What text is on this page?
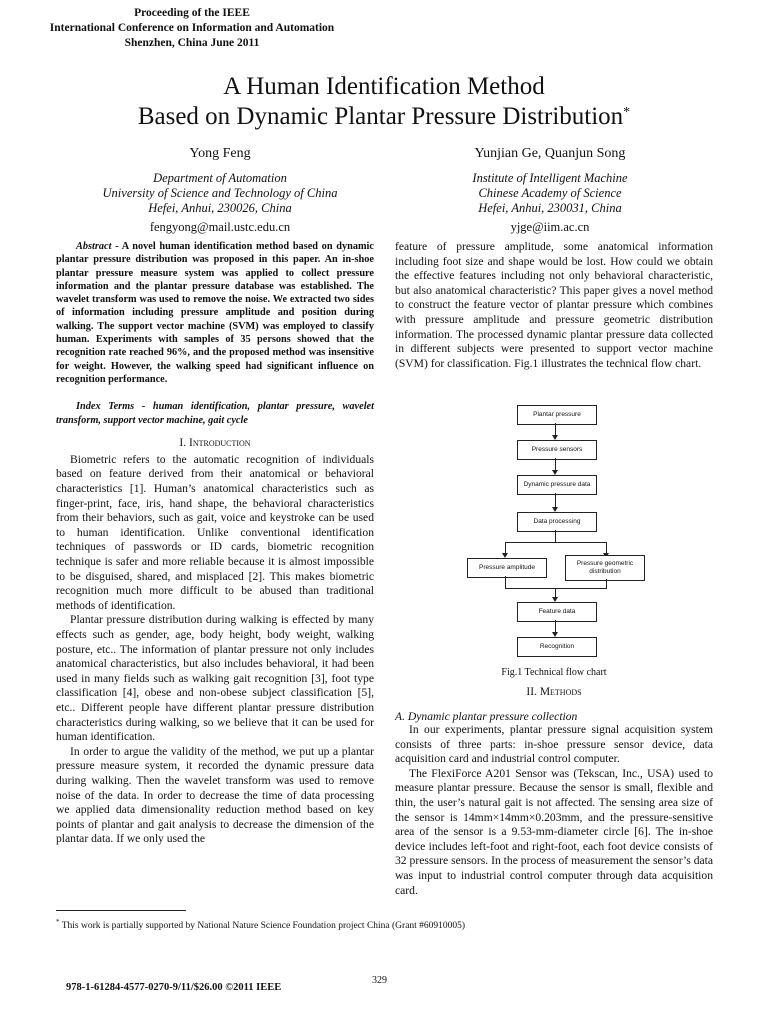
Proceeding of the IEEE
International Conference on Information and Automation
Shenzhen, China June 2011
A Human Identification Method
Based on Dynamic Plantar Pressure Distribution*
Yong Feng
Department of Automation
University of Science and Technology of China
Hefei, Anhui, 230026, China
fengyong@mail.ustc.edu.cn
Yunjian Ge, Quanjun Song
Institute of Intelligent Machine
Chinese Academy of Science
Hefei, Anhui, 230031, China
yjge@iim.ac.cn
Abstract - A novel human identification method based on dynamic plantar pressure distribution was proposed in this paper. An in-shoe plantar pressure measure system was applied to collect pressure information and the plantar pressure database was established. The wavelet transform was used to remove the noise. We extracted two sides of information including pressure amplitude and position during walking. The support vector machine (SVM) was employed to classify human. Experiments with samples of 35 persons showed that the recognition rate reached 96%, and the proposed method was insensitive for weight. However, the walking speed had significant influence on recognition performance.
Index Terms - human identification, plantar pressure, wavelet transform, support vector machine, gait cycle
I. Introduction

Biometric refers to the automatic recognition of individuals based on feature derived from their anatomical or behavioral characteristics [1]. Human’s anatomical characteristics such as finger-print, face, iris, hand shape, the behavioral characteristics from their behaviors, such as gait, voice and keystroke can be used to human identification. Unlike conventional identification techniques of passwords or ID cards, biometric recognition technique is safer and more reliable because it is almost impossible to be disguised, shared, and misplaced [2]. This makes biometric recognition much more difficult to be abused than traditional methods of identification.

Plantar pressure distribution during walking is effected by many effects such as gender, age, body height, body weight, walking posture, etc.. The information of plantar pressure not only includes anatomical characteristics, but also includes behavioral, it had been used in many fields such as walking gait recognition [3], foot type classification [4], obese and non-obese subject classification [5], etc.. Different people have different plantar pressure distribution characteristics during walking, so we believe that it can be used for human identification.

In order to argue the validity of the method, we put up a plantar pressure measure system, it recorded the dynamic pressure data during walking. Then the wavelet transform was used to remove noise of the data. In order to decrease the time of data processing we applied data dimensionality reduction method based on key points of plantar and gait analysis to decrease the dimension of the plantar data. If we only used the

feature of pressure amplitude, some anatomical information including foot size and shape would be lost. How could we obtain the effective features including not only behavioral characteristic, but also anatomical characteristic? This paper gives a novel method to construct the feature vector of plantar pressure which combines with pressure amplitude and pressure geometric distribution information. The processed dynamic plantar pressure data collected in different subjects were presented to support vector machine (SVM) for classification. Fig.1 illustrates the technical flow chart.

Plantar pressure
Pressure sensors
Dynamic pressure data
Data processing
Pressure amplitude
Pressure geometric distribution
Feature data
Recognition
Fig.1 Technical flow chart
II. Methods
A. Dynamic plantar pressure collection

In our experiments, plantar pressure signal acquisition system consists of three parts: in-shoe pressure sensor device, data acquisition card and industrial control computer.

The FlexiForce A201 Sensor was (Tekscan, Inc., USA) used to measure plantar pressure. Because the sensor is small, flexible and thin, the user’s natural gait is not affected. The sensing area size of the sensor is 14mm×14mm×0.203mm, and the pressure-sensitive area of the sensor is a 9.53-mm-diameter circle [6]. The in-shoe device includes left-foot and right-foot, each foot device consists of 32 pressure sensors. In the process of measurement the sensor’s data was input to industrial control computer through data acquisition card.

* This work is partially supported by National Nature Science Foundation project China (Grant #60910005)
978-1-61284-4577-0270-9/11/$26.00 ©2011 IEEE
329
